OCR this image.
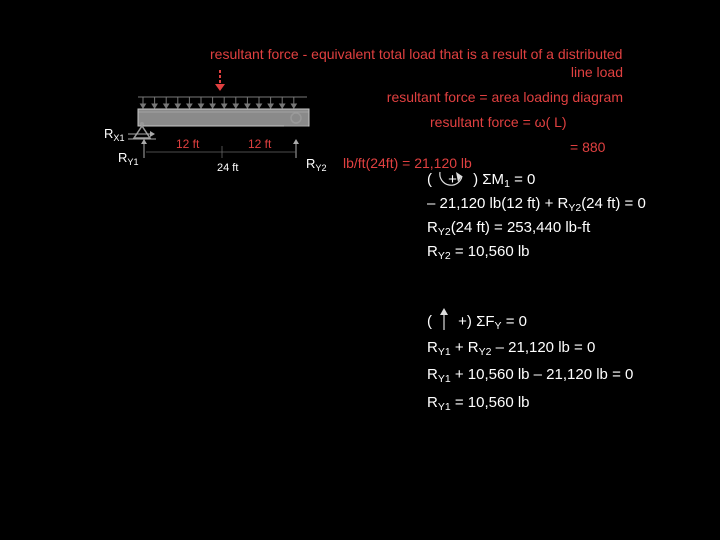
resultant force - equivalent total load that is a result of a distributed
line load
resultant force = area loading diagram
resultant force = ω( L)
$R_{X1}$
$R_{Y1}$	$R_{Y2}$
12 ft	12 ft
24 ft
= 880
lb/ft(24ft) = 21,120 lb
( + ) $\Sigma M_1 = 0$
– 21,120 lb(12 $ft) + R_{Y2}(24$ ft) = 0
$R_{Y2}(24$ ft) = 253,440 lb-ft
$R_{Y2} = 10,560$ lb
( +) $\Sigma F_Y = 0$
$R_{Y1} + R_{Y2} - 21,120$ lb = 0
$R_{Y1} + 10,560$ lb – 21,120 lb = 0
$R_{Y1} = 10,560$ lb
